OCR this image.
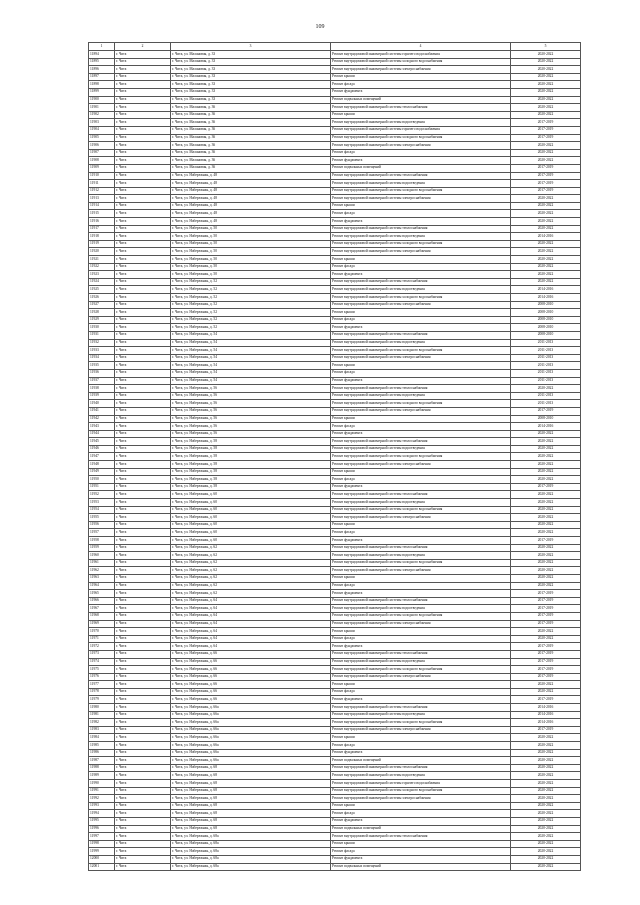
109
1	2	3	4	5
11894	г. Чита	г. Чита, ул. Малановая, д. 33	Ремонт внутридомовой инженерной системы горячего водоснабжения	2020-2022
11895	г. Чита	г. Чита, ул. Малановая, д. 33	Ремонт внутридомовой инженерной системы холодного водоснабжения	2020-2022
11896	г. Чита	г. Чита, ул. Малановая, д. 33	Ремонт внутридомовой инженерной системы электроснабжения	2020-2022
11897	г. Чита	г. Чита, ул. Малановая, д. 33	Ремонт крыши	2020-2022
11898	г. Чита	г. Чита, ул. Малановая, д. 33	Ремонт фасада	2020-2022
11899	г. Чита	г. Чита, ул. Малановая, д. 33	Ремонт фундамента	2020-2022
11900	г. Чита	г. Чита, ул. Малановая, д. 33	Ремонт подвальных помещений	2020-2022
11901	г. Чита	г. Чита, ул. Малановая, д. 36	Ремонт внутридомовой инженерной системы теплоснабжения	2020-2022
11902	г. Чита	г. Чита, ул. Малановая, д. 36	Ремонт крыши	2020-2022
11903	г. Чита	г. Чита, ул. Малановая, д. 36	Ремонт внутридомовой инженерной системы водоотведения	2017-2019
11904	г. Чита	г. Чита, ул. Малановая, д. 36	Ремонт внутридомовой инженерной системы горячего водоснабжения	2017-2019
11905	г. Чита	г. Чита, ул. Малановая, д. 36	Ремонт внутридомовой инженерной системы холодного водоснабжения	2017-2019
11906	г. Чита	г. Чита, ул. Малановая, д. 36	Ремонт внутридомовой инженерной системы электроснабжения	2020-2022
11907	г. Чита	г. Чита, ул. Малановая, д. 36	Ремонт фасада	2020-2022
11908	г. Чита	г. Чита, ул. Малановая, д. 36	Ремонт фундамента	2020-2022
11909	г. Чита	г. Чита, ул. Малановая, д. 36	Ремонт подвальных помещений	2017-2019
11910	г. Чита	г. Чита, ул. Набережная, д. 48	Ремонт внутридомовой инженерной системы теплоснабжения	2017-2019
11911	г. Чита	г. Чита, ул. Набережная, д. 48	Ремонт внутридомовой инженерной системы водоотведения	2017-2019
11912	г. Чита	г. Чита, ул. Набережная, д. 48	Ремонт внутридомовой инженерной системы холодного водоснабжения	2017-2019
11913	г. Чита	г. Чита, ул. Набережная, д. 48	Ремонт внутридомовой инженерной системы электроснабжения	2020-2022
11914	г. Чита	г. Чита, ул. Набережная, д. 48	Ремонт крыши	2020-2022
11915	г. Чита	г. Чита, ул. Набережная, д. 48	Ремонт фасада	2020-2022
11916	г. Чита	г. Чита, ул. Набережная, д. 48	Ремонт фундамента	2020-2022
11917	г. Чита	г. Чита, ул. Набережная, д. 50	Ремонт внутридомовой инженерной системы теплоснабжения	2020-2022
11918	г. Чита	г. Чита, ул. Набережная, д. 50	Ремонт внутридомовой инженерной системы водоотведения	2014-2016
11919	г. Чита	г. Чита, ул. Набережная, д. 50	Ремонт внутридомовой инженерной системы холодного водоснабжения	2020-2022
11920	г. Чита	г. Чита, ул. Набережная, д. 50	Ремонт внутридомовой инженерной системы электроснабжения	2020-2022
11921	г. Чита	г. Чита, ул. Набережная, д. 50	Ремонт крыши	2020-2022
11922	г. Чита	г. Чита, ул. Набережная, д. 50	Ремонт фасада	2020-2022
11923	г. Чита	г. Чита, ул. Набережная, д. 50	Ремонт фундамента	2020-2022
11924	г. Чита	г. Чита, ул. Набережная, д. 52	Ремонт внутридомовой инженерной системы теплоснабжения	2020-2022
11925	г. Чита	г. Чита, ул. Набережная, д. 52	Ремонт внутридомовой инженерной системы водоотведения	2014-2016
11926	г. Чита	г. Чита, ул. Набережная, д. 52	Ремонт внутридомовой инженерной системы холодного водоснабжения	2014-2016
11927	г. Чита	г. Чита, ул. Набережная, д. 52	Ремонт внутридомовой инженерной системы электроснабжения	2008-2010
11928	г. Чита	г. Чита, ул. Набережная, д. 52	Ремонт крыши	2008-2010
11929	г. Чита	г. Чита, ул. Набережная, д. 52	Ремонт фасада	2008-2010
11930	г. Чита	г. Чита, ул. Набережная, д. 52	Ремонт фундамента	2008-2010
11931	г. Чита	г. Чита, ул. Набережная, д. 54	Ремонт внутридомовой инженерной системы теплоснабжения	2008-2010
11932	г. Чита	г. Чита, ул. Набережная, д. 54	Ремонт внутридомовой инженерной системы водоотведения	2011-2013
11933	г. Чита	г. Чита, ул. Набережная, д. 54	Ремонт внутридомовой инженерной системы холодного водоснабжения	2011-2013
11934	г. Чита	г. Чита, ул. Набережная, д. 54	Ремонт внутридомовой инженерной системы электроснабжения	2011-2013
11935	г. Чита	г. Чита, ул. Набережная, д. 54	Ремонт крыши	2011-2013
11936	г. Чита	г. Чита, ул. Набережная, д. 54	Ремонт фасада	2011-2013
11937	г. Чита	г. Чита, ул. Набережная, д. 54	Ремонт фундамента	2011-2013
11938	г. Чита	г. Чита, ул. Набережная, д. 56	Ремонт внутридомовой инженерной системы теплоснабжения	2020-2022
11939	г. Чита	г. Чита, ул. Набережная, д. 56	Ремонт внутридомовой инженерной системы водоотведения	2011-2013
11940	г. Чита	г. Чита, ул. Набережная, д. 56	Ремонт внутридомовой инженерной системы холодного водоснабжения	2011-2013
11941	г. Чита	г. Чита, ул. Набережная, д. 56	Ремонт внутридомовой инженерной системы электроснабжения	2017-2019
11942	г. Чита	г. Чита, ул. Набережная, д. 56	Ремонт крыши	2008-2010
11943	г. Чита	г. Чита, ул. Набережная, д. 56	Ремонт фасада	2014-2016
11944	г. Чита	г. Чита, ул. Набережная, д. 56	Ремонт фундамента	2020-2022
11945	г. Чита	г. Чита, ул. Набережная, д. 58	Ремонт внутридомовой инженерной системы теплоснабжения	2020-2022
11946	г. Чита	г. Чита, ул. Набережная, д. 58	Ремонт внутридомовой инженерной системы водоотведения	2020-2022
11947	г. Чита	г. Чита, ул. Набережная, д. 58	Ремонт внутридомовой инженерной системы холодного водоснабжения	2020-2022
11948	г. Чита	г. Чита, ул. Набережная, д. 58	Ремонт внутридомовой инженерной системы электроснабжения	2020-2022
11949	г. Чита	г. Чита, ул. Набережная, д. 58	Ремонт крыши	2020-2022
11950	г. Чита	г. Чита, ул. Набережная, д. 58	Ремонт фасада	2020-2022
11951	г. Чита	г. Чита, ул. Набережная, д. 58	Ремонт фундамента	2017-2019
11952	г. Чита	г. Чита, ул. Набережная, д. 60	Ремонт внутридомовой инженерной системы теплоснабжения	2020-2022
11953	г. Чита	г. Чита, ул. Набережная, д. 60	Ремонт внутридомовой инженерной системы водоотведения	2020-2022
11954	г. Чита	г. Чита, ул. Набережная, д. 60	Ремонт внутридомовой инженерной системы холодного водоснабжения	2020-2022
11955	г. Чита	г. Чита, ул. Набережная, д. 60	Ремонт внутридомовой инженерной системы электроснабжения	2020-2022
11956	г. Чита	г. Чита, ул. Набережная, д. 60	Ремонт крыши	2020-2022
11957	г. Чита	г. Чита, ул. Набережная, д. 60	Ремонт фасада	2020-2022
11958	г. Чита	г. Чита, ул. Набережная, д. 60	Ремонт фундамента	2017-2019
11959	г. Чита	г. Чита, ул. Набережная, д. 62	Ремонт внутридомовой инженерной системы теплоснабжения	2020-2022
11960	г. Чита	г. Чита, ул. Набережная, д. 62	Ремонт внутридомовой инженерной системы водоотведения	2020-2022
11961	г. Чита	г. Чита, ул. Набережная, д. 62	Ремонт внутридомовой инженерной системы холодного водоснабжения	2020-2022
11962	г. Чита	г. Чита, ул. Набережная, д. 62	Ремонт внутридомовой инженерной системы электроснабжения	2020-2022
11963	г. Чита	г. Чита, ул. Набережная, д. 62	Ремонт крыши	2020-2022
11964	г. Чита	г. Чита, ул. Набережная, д. 62	Ремонт фасада	2020-2022
11965	г. Чита	г. Чита, ул. Набережная, д. 62	Ремонт фундамента	2017-2019
11966	г. Чита	г. Чита, ул. Набережная, д. 64	Ремонт внутридомовой инженерной системы теплоснабжения	2017-2019
11967	г. Чита	г. Чита, ул. Набережная, д. 64	Ремонт внутридомовой инженерной системы водоотведения	2017-2019
11968	г. Чита	г. Чита, ул. Набережная, д. 64	Ремонт внутридомовой инженерной системы холодного водоснабжения	2017-2019
11969	г. Чита	г. Чита, ул. Набережная, д. 64	Ремонт внутридомовой инженерной системы электроснабжения	2017-2019
11970	г. Чита	г. Чита, ул. Набережная, д. 64	Ремонт крыши	2020-2022
11971	г. Чита	г. Чита, ул. Набережная, д. 64	Ремонт фасада	2020-2022
11972	г. Чита	г. Чита, ул. Набережная, д. 64	Ремонт фундамента	2017-2019
11973	г. Чита	г. Чита, ул. Набережная, д. 66	Ремонт внутридомовой инженерной системы теплоснабжения	2017-2019
11974	г. Чита	г. Чита, ул. Набережная, д. 66	Ремонт внутридомовой инженерной системы водоотведения	2017-2019
11975	г. Чита	г. Чита, ул. Набережная, д. 66	Ремонт внутридомовой инженерной системы холодного водоснабжения	2017-2019
11976	г. Чита	г. Чита, ул. Набережная, д. 66	Ремонт внутридомовой инженерной системы электроснабжения	2017-2019
11977	г. Чита	г. Чита, ул. Набережная, д. 66	Ремонт крыши	2020-2022
11978	г. Чита	г. Чита, ул. Набережная, д. 66	Ремонт фасада	2020-2022
11979	г. Чита	г. Чита, ул. Набережная, д. 66	Ремонт фундамента	2017-2019
11980	г. Чита	г. Чита, ул. Набережная, д. 66а	Ремонт внутридомовой инженерной системы теплоснабжения	2014-2016
11981	г. Чита	г. Чита, ул. Набережная, д. 66а	Ремонт внутридомовой инженерной системы водоотведения	2014-2016
11982	г. Чита	г. Чита, ул. Набережная, д. 66а	Ремонт внутридомовой инженерной системы холодного водоснабжения	2014-2016
11983	г. Чита	г. Чита, ул. Набережная, д. 66а	Ремонт внутридомовой инженерной системы электроснабжения	2017-2019
11984	г. Чита	г. Чита, ул. Набережная, д. 66а	Ремонт крыши	2020-2022
11985	г. Чита	г. Чита, ул. Набережная, д. 66а	Ремонт фасада	2020-2022
11986	г. Чита	г. Чита, ул. Набережная, д. 66а	Ремонт фундамента	2020-2022
11987	г. Чита	г. Чита, ул. Набережная, д. 66а	Ремонт подвальных помещений	2020-2022
11988	г. Чита	г. Чита, ул. Набережная, д. 68	Ремонт внутридомовой инженерной системы теплоснабжения	2020-2022
11989	г. Чита	г. Чита, ул. Набережная, д. 68	Ремонт внутридомовой инженерной системы водоотведения	2020-2022
11990	г. Чита	г. Чита, ул. Набережная, д. 68	Ремонт внутридомовой инженерной системы горячего водоснабжения	2020-2022
11991	г. Чита	г. Чита, ул. Набережная, д. 68	Ремонт внутридомовой инженерной системы холодного водоснабжения	2020-2022
11992	г. Чита	г. Чита, ул. Набережная, д. 68	Ремонт внутридомовой инженерной системы электроснабжения	2020-2022
11993	г. Чита	г. Чита, ул. Набережная, д. 68	Ремонт крыши	2020-2022
11994	г. Чита	г. Чита, ул. Набережная, д. 68	Ремонт фасада	2020-2022
11995	г. Чита	г. Чита, ул. Набережная, д. 68	Ремонт фундамента	2020-2022
11996	г. Чита	г. Чита, ул. Набережная, д. 68	Ремонт подвальных помещений	2020-2022
11997	г. Чита	г. Чита, ул. Набережная, д. 68а	Ремонт внутридомовой инженерной системы теплоснабжения	2020-2022
11998	г. Чита	г. Чита, ул. Набережная, д. 68а	Ремонт крыши	2020-2022
11999	г. Чита	г. Чита, ул. Набережная, д. 68а	Ремонт фасада	2020-2022
12000	г. Чита	г. Чита, ул. Набережная, д. 68а	Ремонт фундамента	2020-2022
12001	г. Чита	г. Чита, ул. Набережная, д. 68а	Ремонт подвальных помещений	2020-2022
